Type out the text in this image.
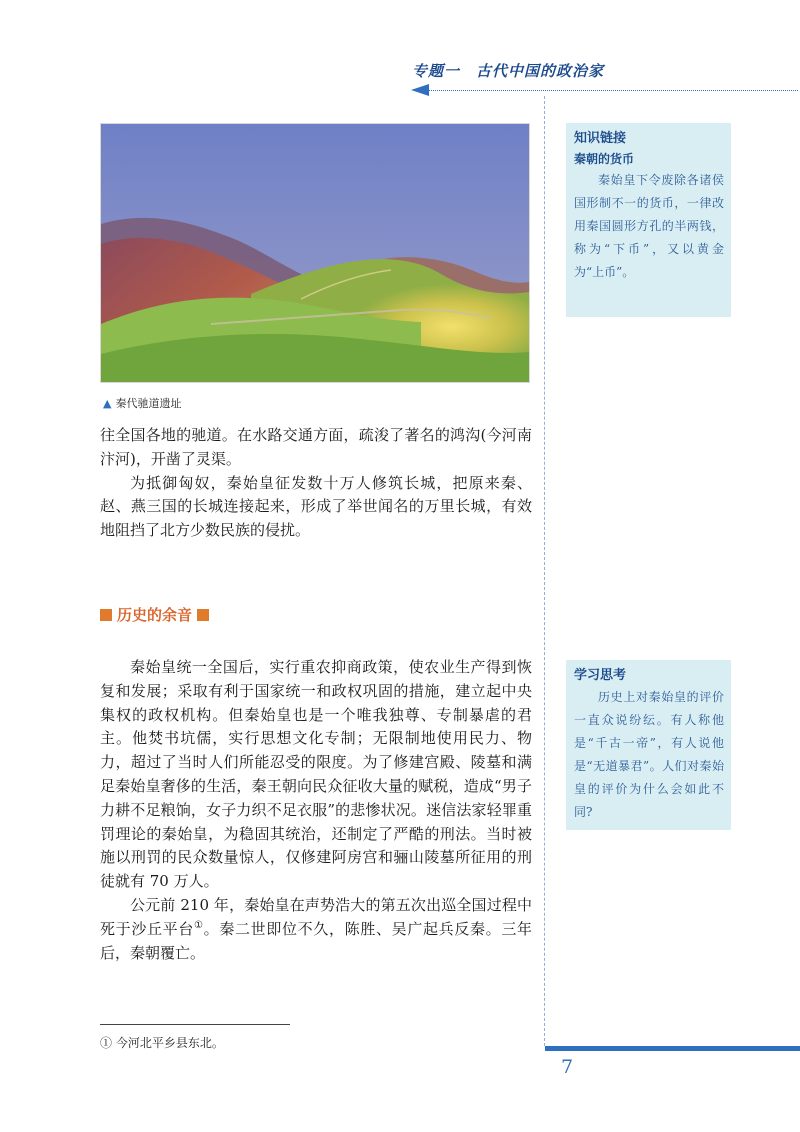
专题一　古代中国的政治家
▲ 秦代驰道遗址

往全国各地的驰道。在水路交通方面，疏浚了著名的鸿沟(今河南汴河)，开凿了灵渠。

为抵御匈奴，秦始皇征发数十万人修筑长城，把原来秦、赵、燕三国的长城连接起来，形成了举世闻名的万里长城，有效地阻挡了北方少数民族的侵扰。

历史的余音

秦始皇统一全国后，实行重农抑商政策，使农业生产得到恢复和发展；采取有利于国家统一和政权巩固的措施，建立起中央集权的政权机构。但秦始皇也是一个唯我独尊、专制暴虐的君主。他焚书坑儒，实行思想文化专制；无限制地使用民力、物力，超过了当时人们所能忍受的限度。为了修建宫殿、陵墓和满足秦始皇奢侈的生活，秦王朝向民众征收大量的赋税，造成“男子力耕不足粮饷，女子力织不足衣服”的悲惨状况。迷信法家轻罪重罚理论的秦始皇，为稳固其统治，还制定了严酷的刑法。当时被施以刑罚的民众数量惊人，仅修建阿房宫和骊山陵墓所征用的刑徒就有 70 万人。

公元前 210 年，秦始皇在声势浩大的第五次出巡全国过程中死于沙丘平台①。秦二世即位不久，陈胜、吴广起兵反秦。三年后，秦朝覆亡。

① 今河北平乡县东北。
知识链接
秦朝的货币

秦始皇下令废除各诸侯国形制不一的货币，一律改用秦国圆形方孔的半两钱，称为“下币”，又以黄金为“上币”。

学习思考

历史上对秦始皇的评价一直众说纷纭。有人称他是“千古一帝”，有人说他是“无道暴君”。人们对秦始皇的评价为什么会如此不同?

7
